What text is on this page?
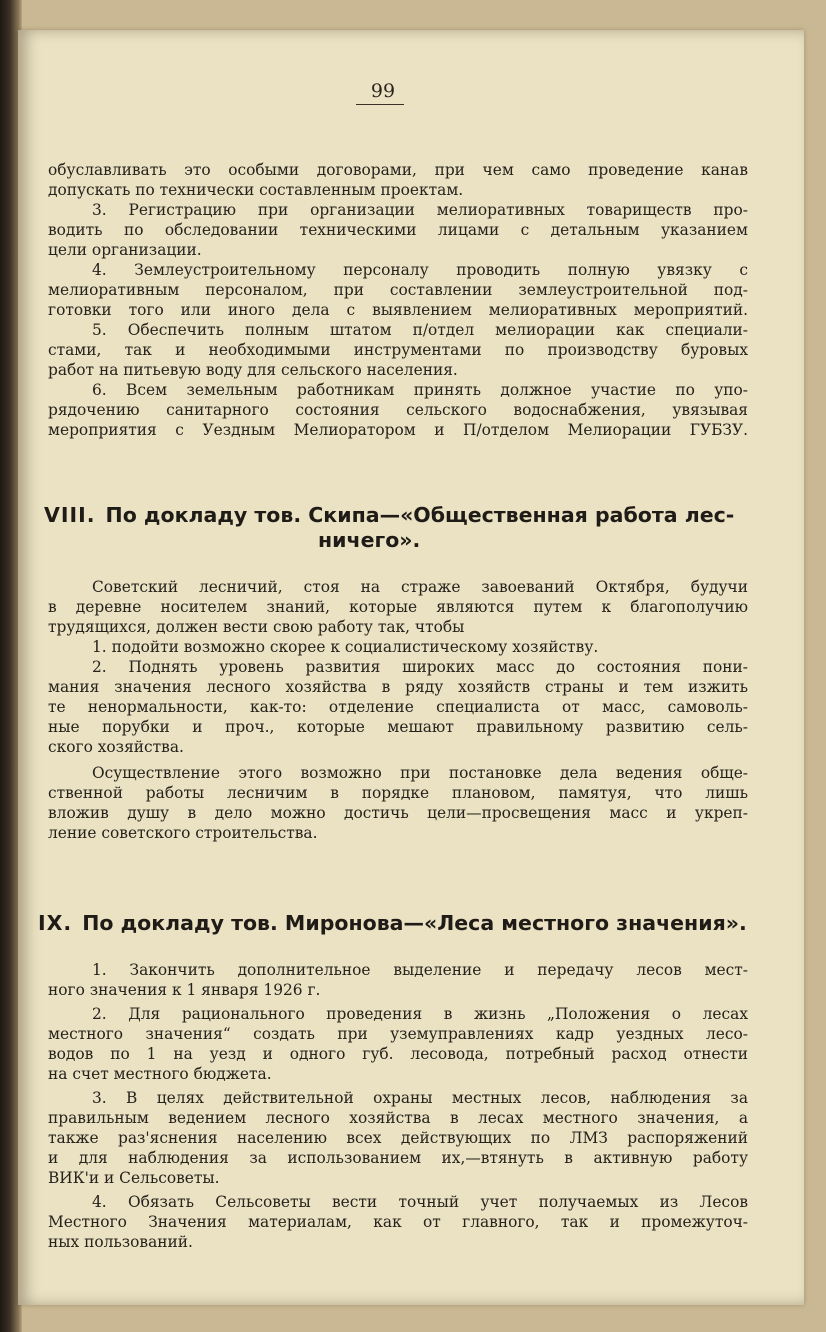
99
обуславливать это особыми договорами, при чем само проведение канав
допускать по технически составленным проектам.
3. Регистрацию при организации мелиоративных товариществ про-
водить по обследовании техническими лицами с детальным указанием
цели организации.
4. Землеустроительному персоналу проводить полную увязку с
мелиоративным персоналом, при составлении землеустроительной под-
готовки того или иного дела с выявлением мелиоративных мероприятий.
5. Обеспечить полным штатом п/отдел мелиорации как специали-
стами, так и необходимыми инструментами по производству буровых
работ на питьевую воду для сельского населения.
6. Всем земельным работникам принять должное участие по упо-
рядочению санитарного состояния сельского водоснабжения, увязывая
мероприятия с Уездным Мелиоратором и П/отделом Мелиорации ГУБЗУ.
VIII. По докладу тов. Скипа—«Общественная работа лес-
ничего».
Советский лесничий, стоя на страже завоеваний Октября, будучи
в деревне носителем знаний, которые являются путем к благополучию
трудящихся, должен вести свою работу так, чтобы
1. подойти возможно скорее к социалистическому хозяйству.
2. Поднять уровень развития широких масс до состояния пони-
мания значения лесного хозяйства в ряду хозяйств страны и тем изжить
те ненормальности, как-то: отделение специалиста от масс, самоволь-
ные порубки и проч., которые мешают правильному развитию сель-
ского хозяйства.
Осуществление этого возможно при постановке дела ведения обще-
ственной работы лесничим в порядке плановом, памятуя, что лишь
вложив душу в дело можно достичь цели—просвещения масс и укреп-
ление советского строительства.
IX. По докладу тов. Миронова—«Леса местного значения».
1. Закончить дополнительное выделение и передачу лесов мест-
ного значения к 1 января 1926 г.
2. Для рационального проведения в жизнь „Положения о лесах
местного значения“ создать при уземуправлениях кадр уездных лесо-
водов по 1 на уезд и одного губ. лесовода, потребный расход отнести
на счет местного бюджета.
3. В целях действительной охраны местных лесов, наблюдения за
правильным ведением лесного хозяйства в лесах местного значения, а
также раз'яснения населению всех действующих по ЛМЗ распоряжений
и для наблюдения за использованием их,—втянуть в активную работу
ВИК'и и Сельсоветы.
4. Обязать Сельсоветы вести точный учет получаемых из Лесов
Местного Значения материалам, как от главного, так и промежуточ-
ных пользований.
